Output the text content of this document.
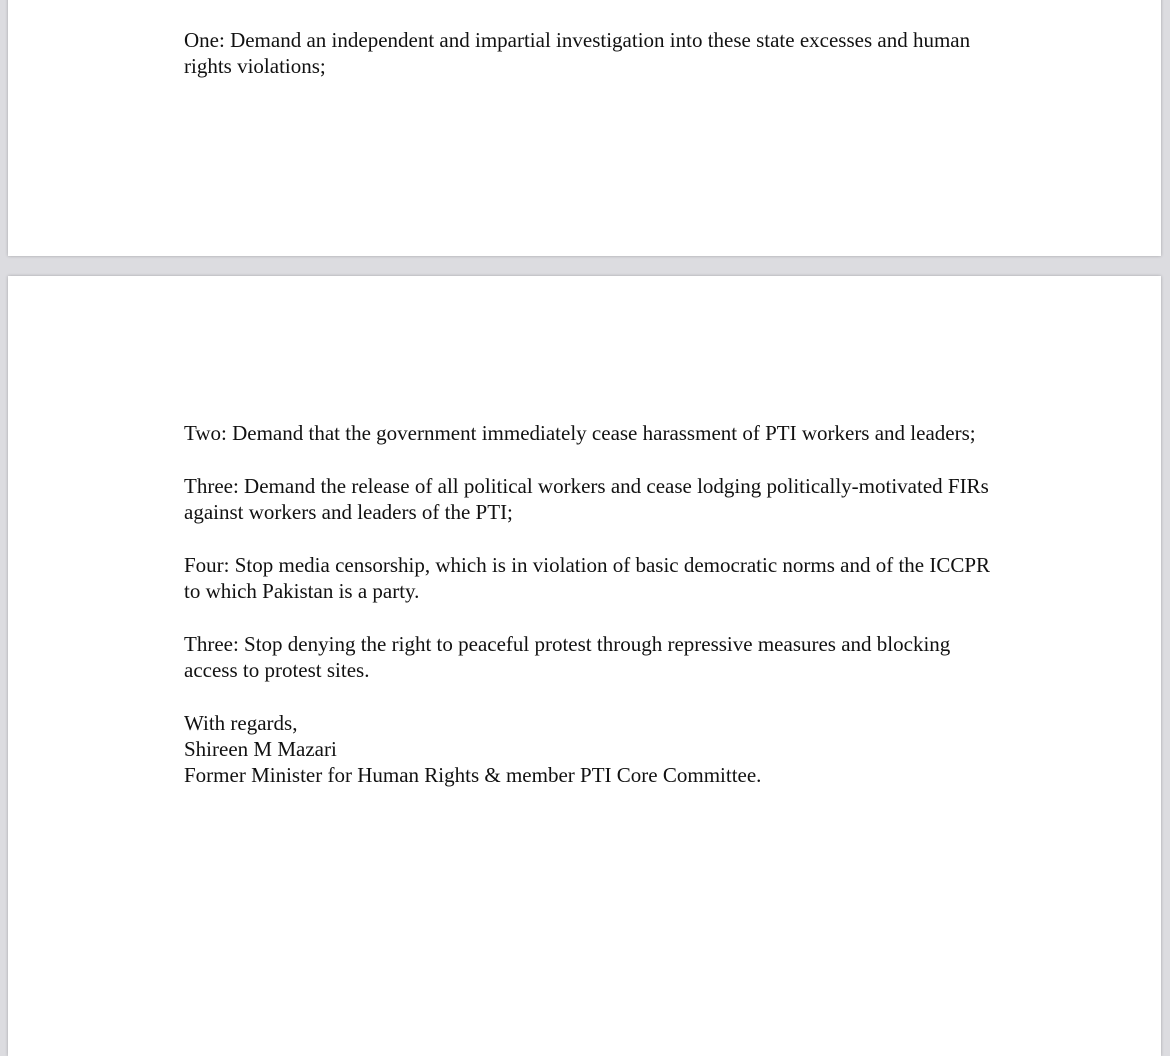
One: Demand an independent and impartial investigation into these state excesses and human rights violations;

Two: Demand that the government immediately cease harassment of PTI workers and leaders;

Three: Demand the release of all political workers and cease lodging politically-motivated FIRs against workers and leaders of the PTI;

Four: Stop media censorship, which is in violation of basic democratic norms and of the ICCPR to which Pakistan is a party.

Three: Stop denying the right to peaceful protest through repressive measures and blocking access to protest sites.

With regards,
Shireen M Mazari
Former Minister for Human Rights & member PTI Core Committee.
